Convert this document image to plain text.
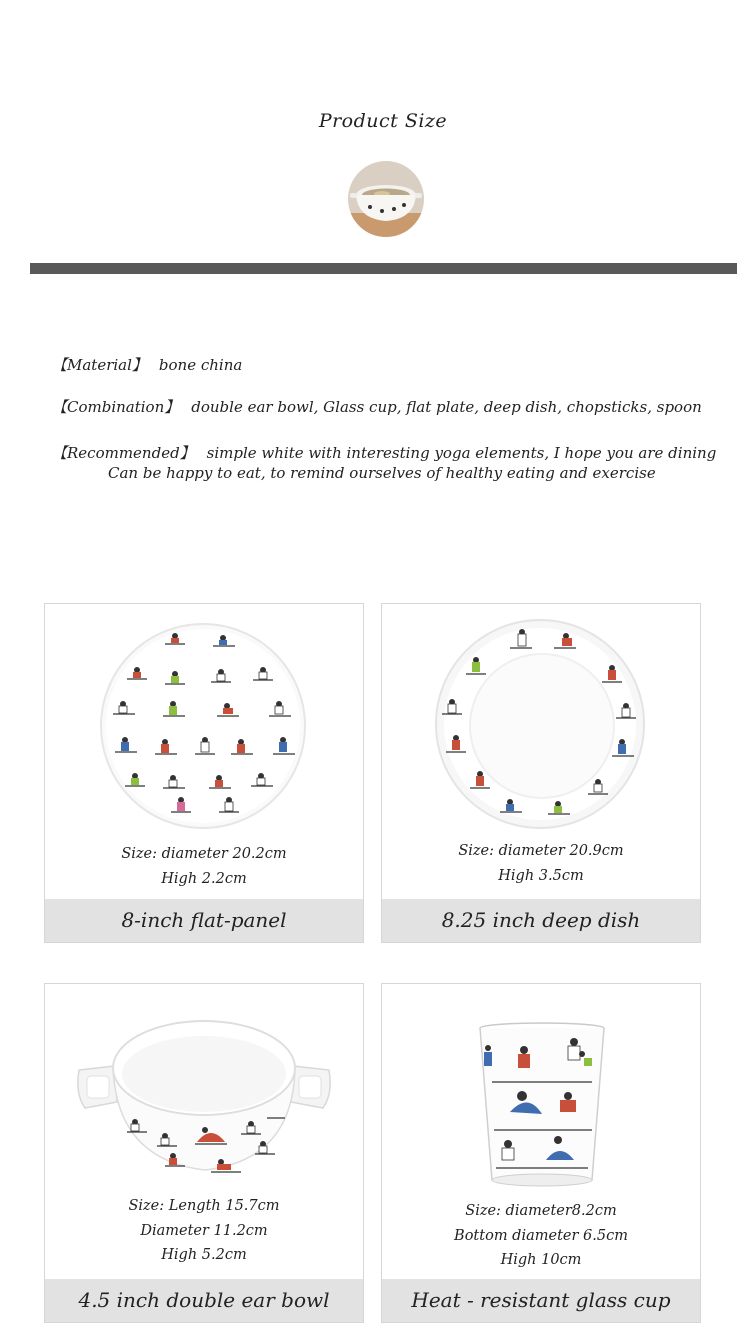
Product Size
【Material】 bone china
【Combination】 double ear bowl, Glass cup, flat plate, deep dish, chopsticks, spoon
【Recommended】 simple white with interesting yoga elements, I hope you are dining
Can be happy to eat, to remind ourselves of healthy eating and exercise
Size: diameter 20.2cm
High 2.2cm
8-inch flat-panel
Size: diameter 20.9cm
High 3.5cm
8.25 inch deep dish
Size: Length 15.7cm
Diameter 11.2cm
High 5.2cm
4.5 inch double ear bowl
Size: diameter8.2cm
Bottom diameter 6.5cm
High 10cm
Heat - resistant glass cup
